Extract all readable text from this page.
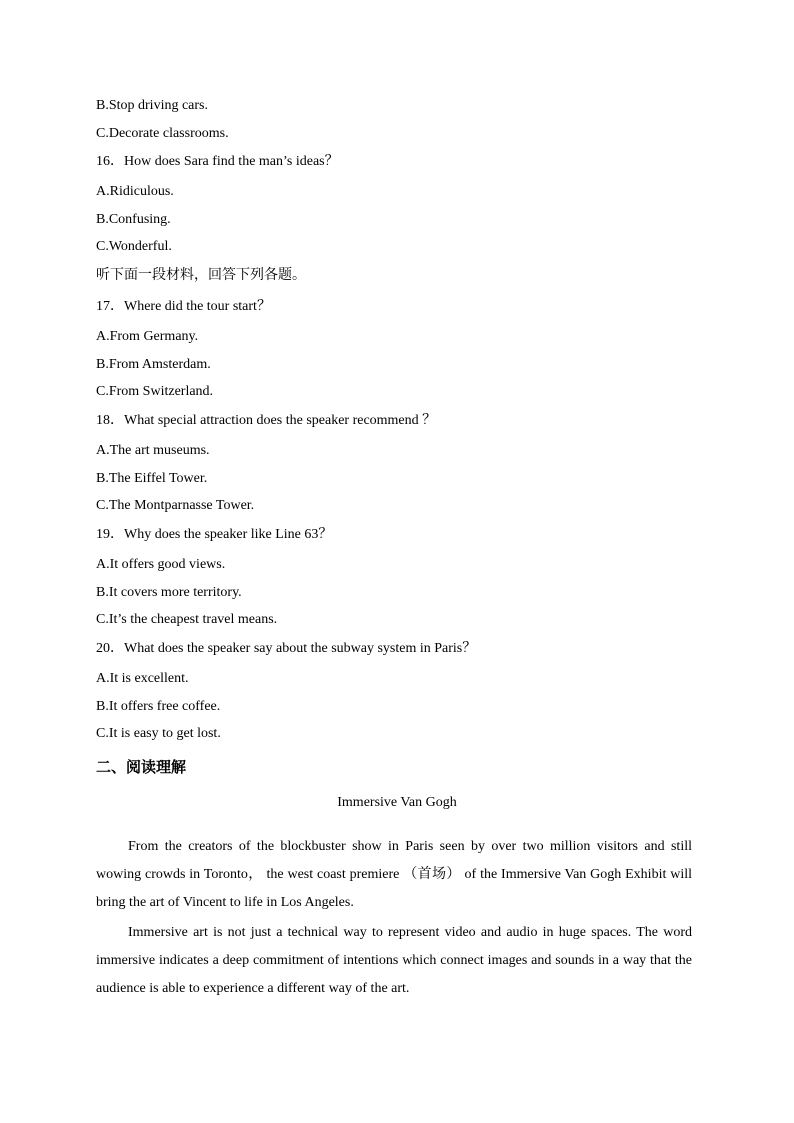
B.Stop driving cars.
C.Decorate classrooms.
16．How does Sara find the man’s ideas？
A.Ridiculous.
B.Confusing.
C.Wonderful.
听下面一段材料，回答下列各题。
17．Where did the tour start？
A.From Germany.
B.From Amsterdam.
C.From Switzerland.
18．What special attraction does the speaker recommend ？
A.The art museums.
B.The Eiffel Tower.
C.The Montparnasse Tower.
19．Why does the speaker like Line 63？
A.It offers good views.
B.It covers more territory.
C.It’s the cheapest travel means.
20．What does the speaker say about the subway system in Paris？
A.It is excellent.
B.It offers free coffee.
C.It is easy to get lost.
二、阅读理解
Immersive Van Gogh
From the creators of the blockbuster show in Paris seen by over two million visitors and still wowing crowds in Toronto， the west coast premiere （首场） of the Immersive Van Gogh Exhibit will bring the art of Vincent to life in Los Angeles.
Immersive art is not just a technical way to represent video and audio in huge spaces. The word immersive indicates a deep commitment of intentions which connect images and sounds in a way that the audience is able to experience a different way of the art.
